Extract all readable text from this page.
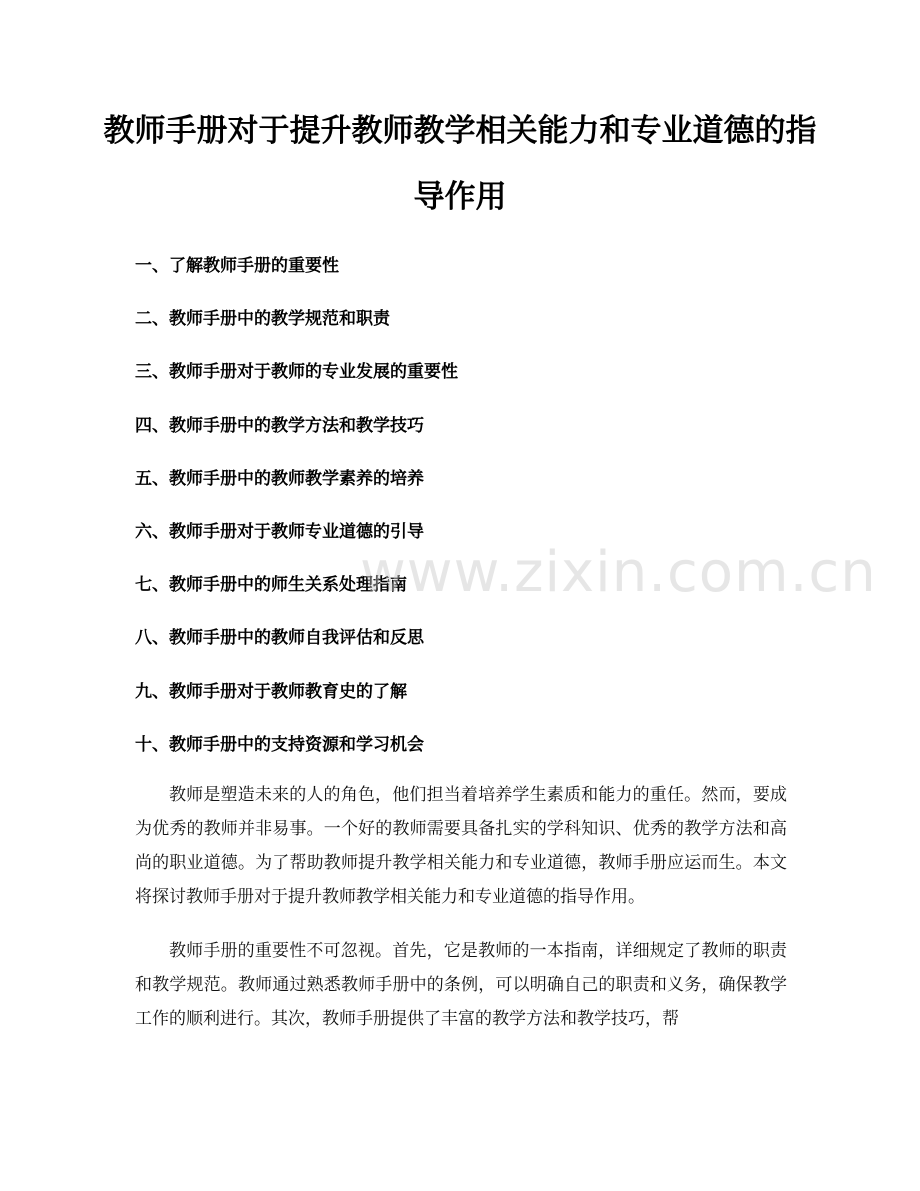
教师手册对于提升教师教学相关能力和专业道德的指导作用
一、了解教师手册的重要性
二、教师手册中的教学规范和职责
三、教师手册对于教师的专业发展的重要性
四、教师手册中的教学方法和教学技巧
五、教师手册中的教师教学素养的培养
六、教师手册对于教师专业道德的引导
七、教师手册中的师生关系处理指南
八、教师手册中的教师自我评估和反思
九、教师手册对于教师教育史的了解
十、教师手册中的支持资源和学习机会

教师是塑造未来的人的角色，他们担当着培养学生素质和能力的重任。然而，要成为优秀的教师并非易事。一个好的教师需要具备扎实的学科知识、优秀的教学方法和高尚的职业道德。为了帮助教师提升教学相关能力和专业道德，教师手册应运而生。本文将探讨教师手册对于提升教师教学相关能力和专业道德的指导作用。

教师手册的重要性不可忽视。首先，它是教师的一本指南，详细规定了教师的职责和教学规范。教师通过熟悉教师手册中的条例，可以明确自己的职责和义务，确保教学工作的顺利进行。其次，教师手册提供了丰富的教学方法和教学技巧，帮

www.zixin.com.cn
